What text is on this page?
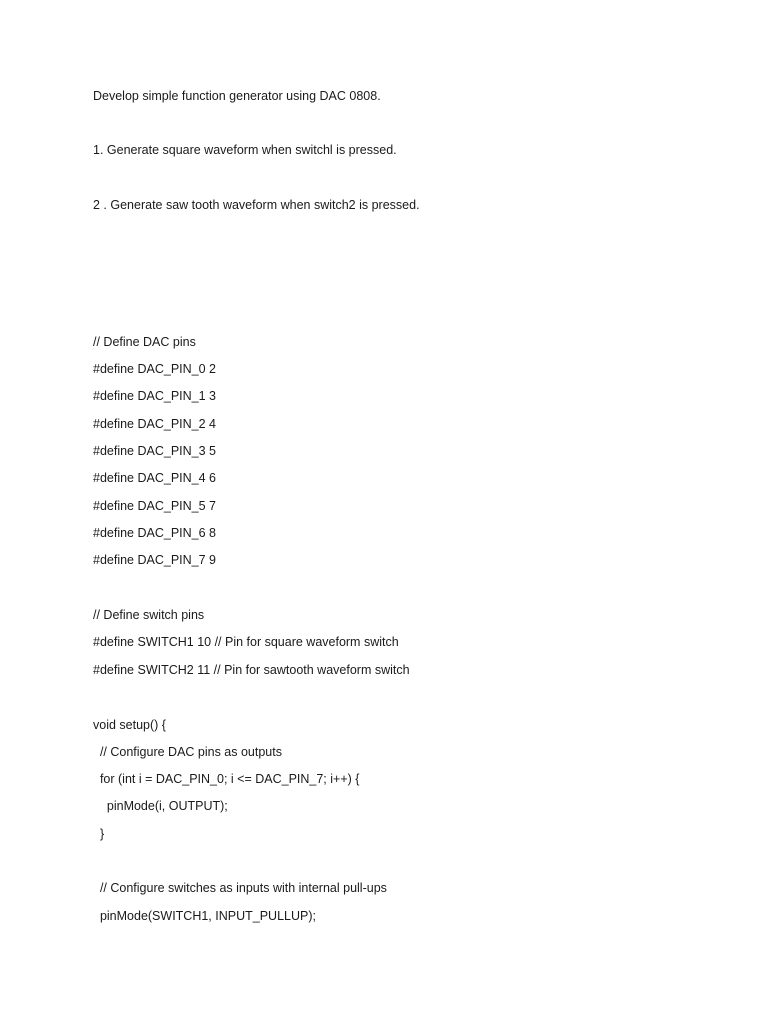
Develop simple function generator using DAC 0808.
1. Generate square waveform when switchl is pressed.
2 . Generate saw tooth waveform when switch2 is pressed.
// Define DAC pins
#define DAC_PIN_0 2
#define DAC_PIN_1 3
#define DAC_PIN_2 4
#define DAC_PIN_3 5
#define DAC_PIN_4 6
#define DAC_PIN_5 7
#define DAC_PIN_6 8
#define DAC_PIN_7 9
// Define switch pins
#define SWITCH1 10 // Pin for square waveform switch
#define SWITCH2 11 // Pin for sawtooth waveform switch
void setup() {
// Configure DAC pins as outputs
for (int i = DAC_PIN_0; i <= DAC_PIN_7; i++) {
pinMode(i, OUTPUT);
}
// Configure switches as inputs with internal pull-ups
pinMode(SWITCH1, INPUT_PULLUP);
